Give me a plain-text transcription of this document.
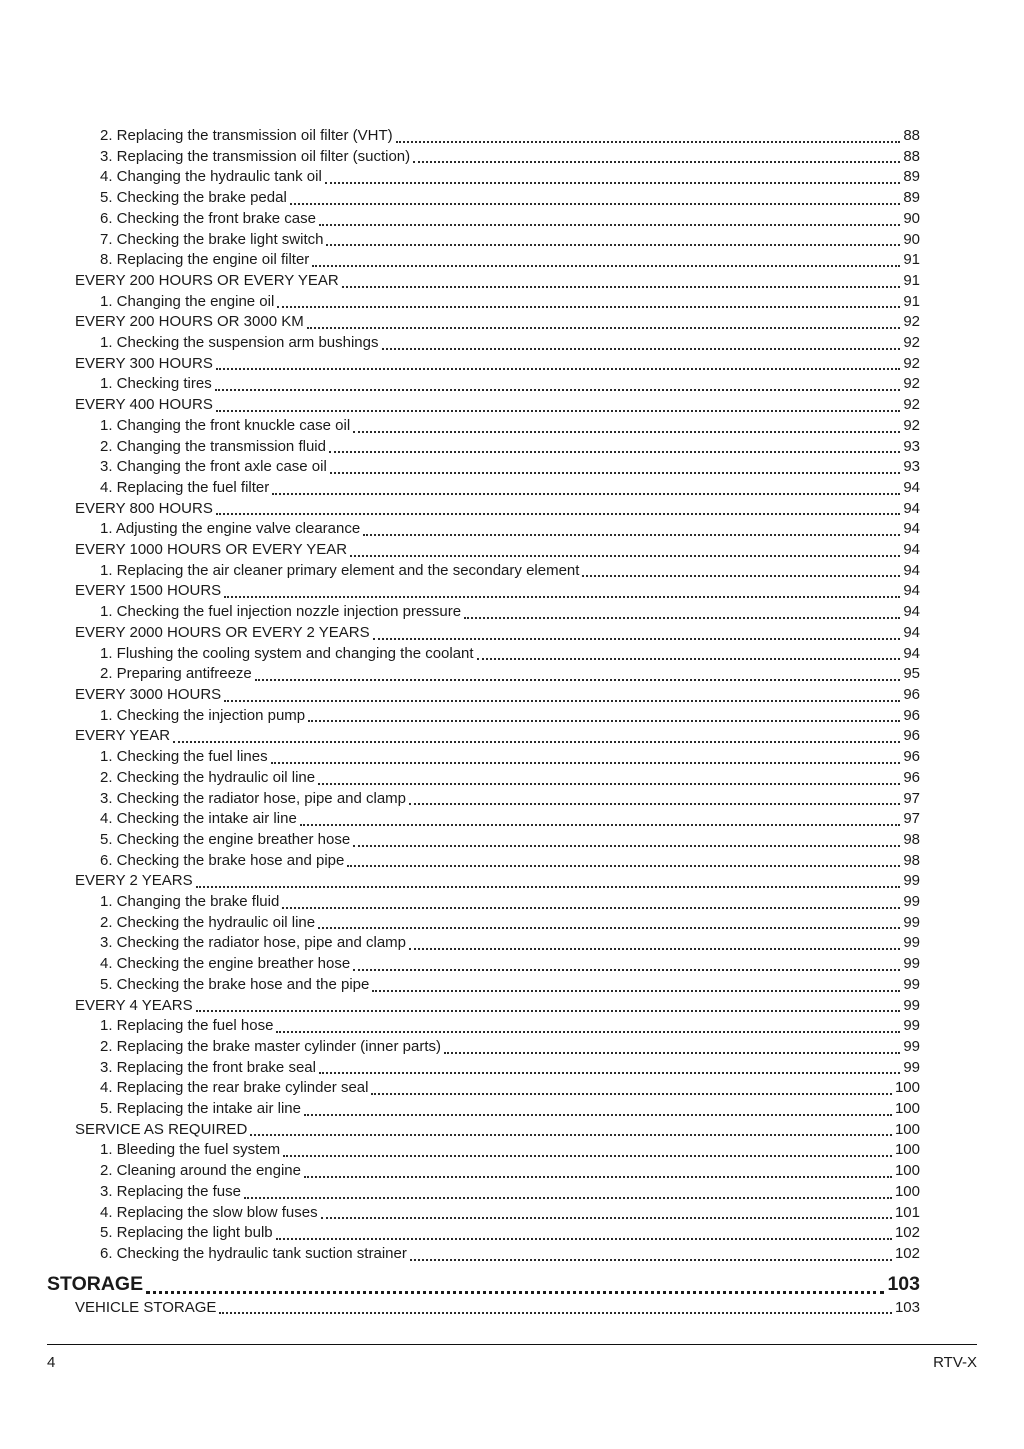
2. Replacing the transmission oil filter (VHT)	88
3. Replacing the transmission oil filter (suction)	88
4. Changing the hydraulic tank oil	89
5. Checking the brake pedal	89
6. Checking the front brake case	90
7. Checking the brake light switch	90
8. Replacing the engine oil filter	91
EVERY 200 HOURS OR EVERY YEAR	91
1. Changing the engine oil	91
EVERY 200 HOURS OR 3000 KM	92
1. Checking the suspension arm bushings	92
EVERY 300 HOURS	92
1. Checking tires	92
EVERY 400 HOURS	92
1. Changing the front knuckle case oil	92
2. Changing the transmission fluid	93
3. Changing the front axle case oil	93
4. Replacing the fuel filter	94
EVERY 800 HOURS	94
1. Adjusting the engine valve clearance	94
EVERY 1000 HOURS OR EVERY YEAR	94
1. Replacing the air cleaner primary element and the secondary element	94
EVERY 1500 HOURS	94
1. Checking the fuel injection nozzle injection pressure	94
EVERY 2000 HOURS OR EVERY 2 YEARS	94
1. Flushing the cooling system and changing the coolant	94
2. Preparing antifreeze	95
EVERY 3000 HOURS	96
1. Checking the injection pump	96
EVERY YEAR	96
1. Checking the fuel lines	96
2. Checking the hydraulic oil line	96
3. Checking the radiator hose, pipe and clamp	97
4. Checking the intake air line	97
5. Checking the engine breather hose	98
6. Checking the brake hose and pipe	98
EVERY 2 YEARS	99
1. Changing the brake fluid	99
2. Checking the hydraulic oil line	99
3. Checking the radiator hose, pipe and clamp	99
4. Checking the engine breather hose	99
5. Checking the brake hose and the pipe	99
EVERY 4 YEARS	99
1. Replacing the fuel hose	99
2. Replacing the brake master cylinder (inner parts)	99
3. Replacing the front brake seal	99
4. Replacing the rear brake cylinder seal	100
5. Replacing the intake air line	100
SERVICE AS REQUIRED	100
1. Bleeding the fuel system	100
2. Cleaning around the engine	100
3. Replacing the fuse	100
4. Replacing the slow blow fuses	101
5. Replacing the light bulb	102
6. Checking the hydraulic tank suction strainer	102
STORAGE	103
VEHICLE STORAGE	103
4	RTV-X
